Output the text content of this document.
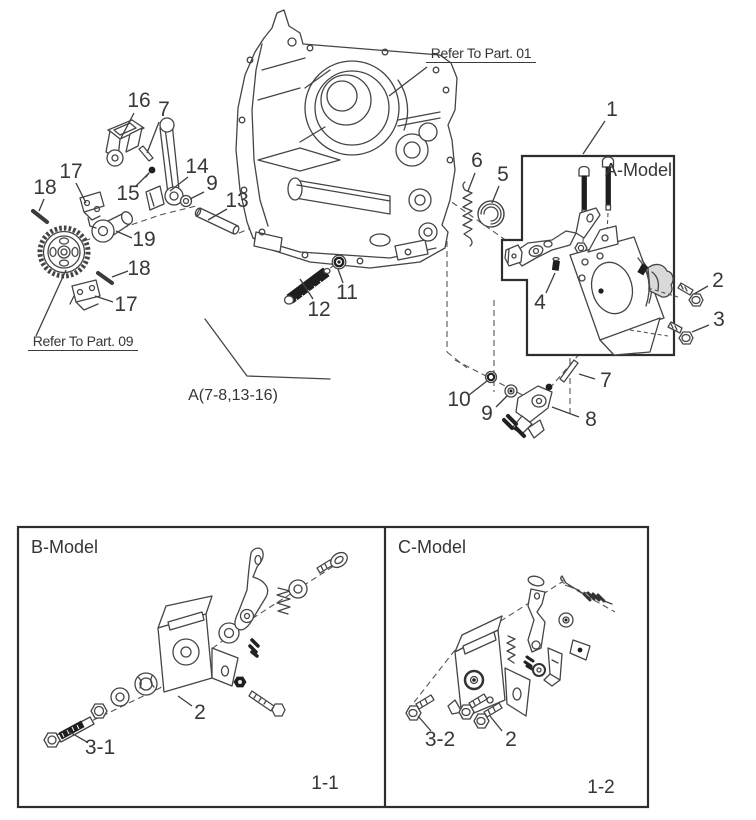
Refer To Part. 01
Refer To Part. 09
A(7-8,13-16)
A-Model
B-Model	C-Model
1-1	1-2
16 7
17
18	15
14
9
13
19
18
17	12
11
6
5
1
4
2
3
7
10
9	8
2
3-1	3-2 2
